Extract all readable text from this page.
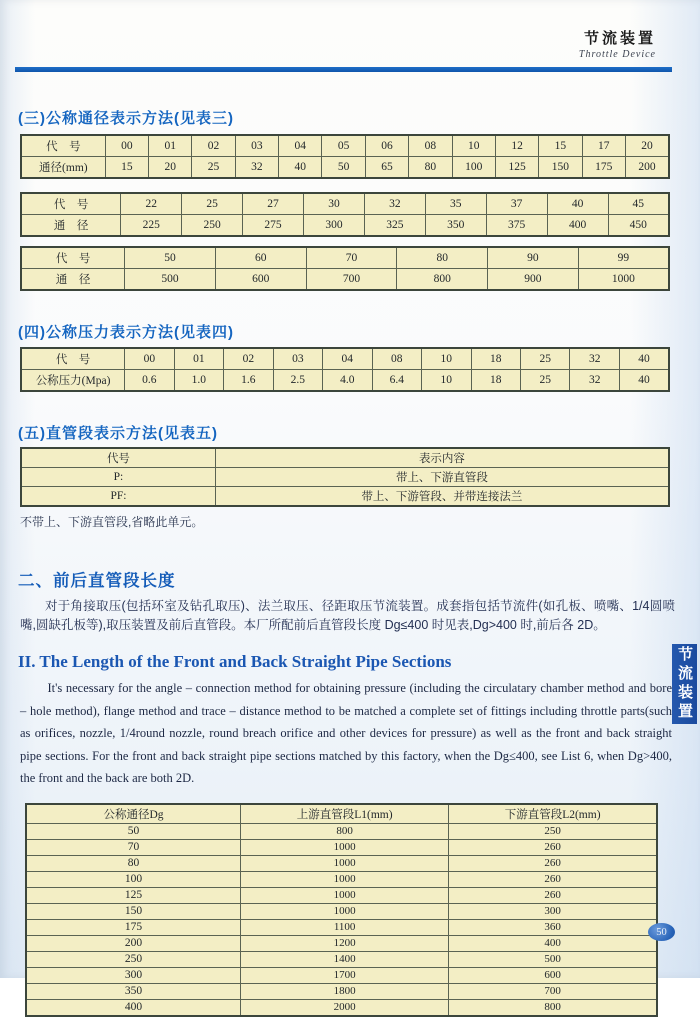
节流装置
Throttle Device
(三)公称通径表示方法(见表三)
代　号	00	01	02	03	04	05	06	08	10	12	15	17	20
通径(mm)	15	20	25	32	40	50	65	80	100	125	150	175	200
代　号	22	25	27	30	32	35	37	40	45
通　径	225	250	275	300	325	350	375	400	450
代　号	50	60	70	80	90	99
通　径	500	600	700	800	900	1000
(四)公称压力表示方法(见表四)
代　号	00	01	02	03	04	08	10	18	25	32	40
公称压力(Mpa)	0.6	1.0	1.6	2.5	4.0	6.4	10	18	25	32	40
(五)直管段表示方法(见表五)
代号	表示内容
P:	带上、下游直管段
PF:	带上、下游管段、并带连接法兰
不带上、下游直管段,省略此单元。
二、前后直管段长度
对于角接取压(包括环室及钻孔取压)、法兰取压、径距取压节流装置。成套指包括节流件(如孔板、喷嘴、1/4圆喷嘴,圆缺孔板等),取压装置及前后直管段。本厂所配前后直管段长度 Dg≤400 时见表,Dg>400 时,前后各 2D。
II. The Length of the Front and Back Straight Pipe Sections
It's necessary for the angle – connection method for obtaining pressure (including the circulatary chamber method and bore – hole method), flange method and trace – distance method to be matched a complete set of fittings including throttle parts(such as orifices, nozzle, 1/4round nozzle, round breach orifice and other devices for pressure) as well as the front and back straight pipe sections. For the front and back straight pipe sections matched by this factory, when the Dg≤400, see List 6, when Dg>400, the front and the back are both 2D.
公称通径Dg	上游直管段L1(mm)	下游直管段L2(mm)
50	800	250
70	1000	260
80	1000	260
100	1000	260
125	1000	260
150	1000	300
175	1100	360
200	1200	400
250	1400	500
300	1700	600
350	1800	700
400	2000	800
节流装置
50
